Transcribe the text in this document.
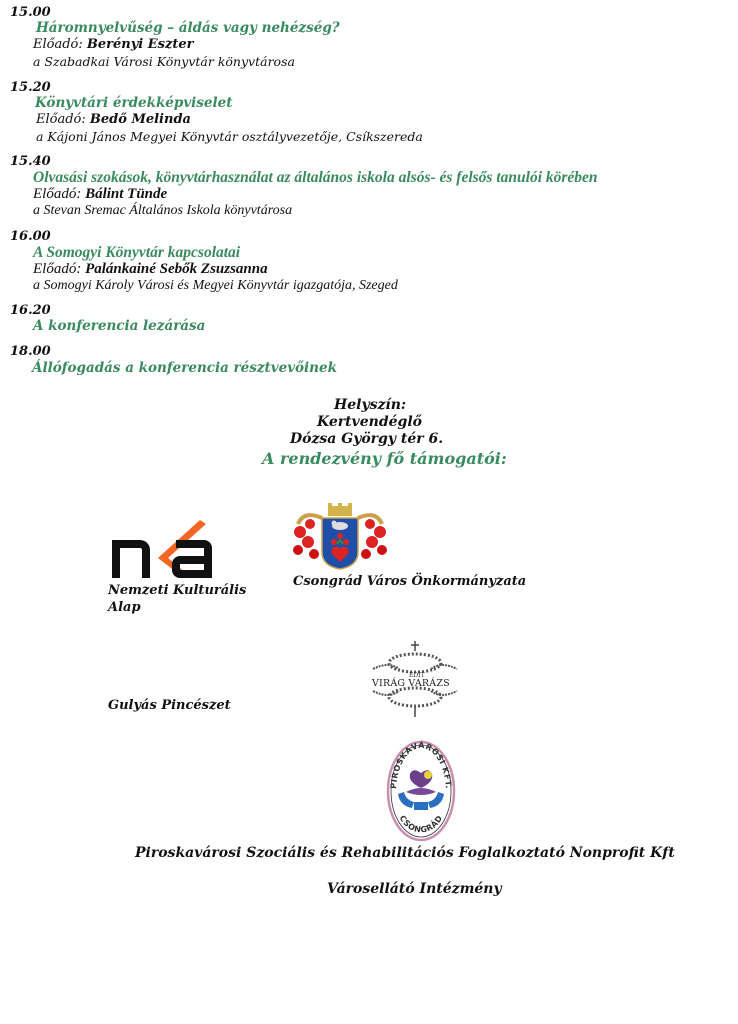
15.00
Háromnyelvűség – áldás vagy nehézség?
Előadó: Berényi Eszter
a Szabadkai Városi Könyvtár könyvtárosa
15.20
Könyvtári érdekképviselet
Előadó: Bedő Melinda
a Kájoni János Megyei Könyvtár osztályvezetője, Csíkszereda
15.40
Olvasási szokások, könyvtárhasználat az általános iskola alsós- és felsős tanulói körében
Előadó: Bálint Tünde
a Stevan Sremac Általános Iskola könyvtárosa
16.00
A Somogyi Könyvtár kapcsolatai
Előadó: Palánkainé Sebők Zsuzsanna
a Somogyi Károly Városi és Megyei Könyvtár igazgatója, Szeged
16.20
A konferencia lezárása
18.00
Állófogadás a konferencia résztvevőinek
Helyszín:
Kertvendéglő
Dózsa György tér 6.
A rendezvény fő támogatói:
Nemzeti Kulturális
Alap
Csongrád Város Önkormányzata
Gulyás Pincészet
EDIT
VIRÁG VARÁZS
PIROSKAVÁROSI KFT.
CSONGRÁD
Piroskavárosi Szociális és Rehabilitációs Foglalkoztató Nonprofit Kft
Városellátó Intézmény
